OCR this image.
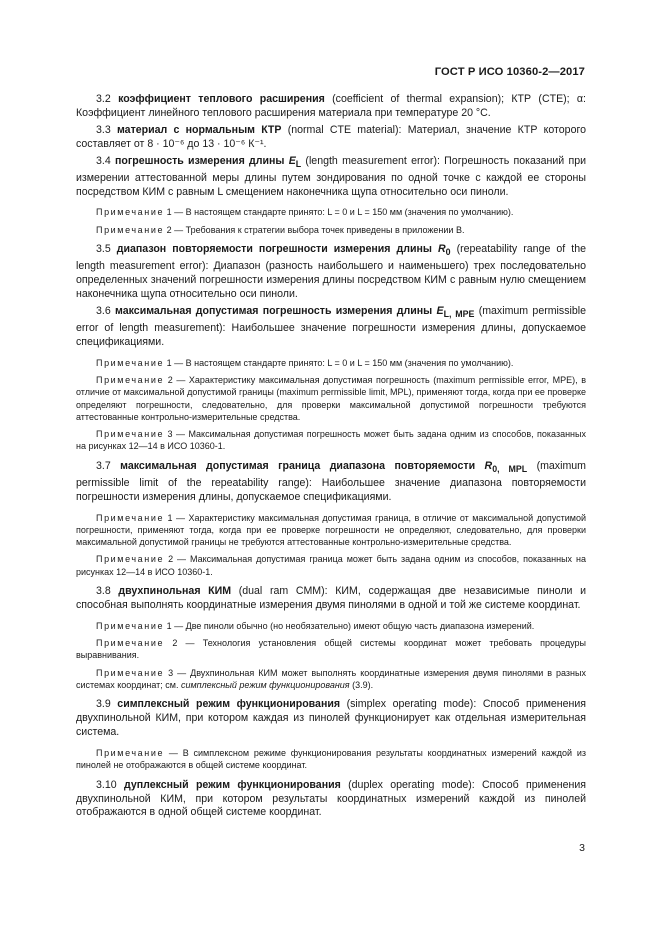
ГОСТ Р ИСО 10360-2—2017

3.2 коэффициент теплового расширения (coefficient of thermal expansion); КТР (CTE); α: Коэффициент линейного теплового расширения материала при температуре 20 °C.

3.3 материал с нормальным КТР (normal CTE material): Материал, значение КТР которого составляет от 8 · 10⁻⁶ до 13 · 10⁻⁶ К⁻¹.

3.4 погрешность измерения длины $E_L$ (length measurement error): Погрешность показаний при измерении аттестованной меры длины путем зондирования по одной точке с каждой ее стороны посредством КИМ с равным L смещением наконечника щупа относительно оси пиноли.

Примечание 1 — В настоящем стандарте принято: L = 0 и L = 150 мм (значения по умолчанию).

Примечание 2 — Требования к стратегии выбора точек приведены в приложении В.

3.5 диапазон повторяемости погрешности измерения длины $R_0$ (repeatability range of the length measurement error): Диапазон (разность наибольшего и наименьшего) трех последовательно определенных значений погрешности измерения длины посредством КИМ с равным нулю смещением наконечника щупа относительно оси пиноли.

3.6 максимальная допустимая погрешность измерения длины $E_{L, MPE}$ (maximum permissible error of length measurement): Наибольшее значение погрешности измерения длины, допускаемое спецификациями.

Примечание 1 — В настоящем стандарте принято: L = 0 и L = 150 мм (значения по умолчанию).

Примечание 2 — Характеристику максимальная допустимая погрешность (maximum permissible error, MPE), в отличие от максимальной допустимой границы (maximum permissible limit, MPL), применяют тогда, когда при ее проверке определяют погрешности, следовательно, для проверки максимальной допустимой погрешности требуются аттестованные контрольно-измерительные средства.

Примечание 3 — Максимальная допустимая погрешность может быть задана одним из способов, показанных на рисунках 12—14 в ИСО 10360-1.

3.7 максимальная допустимая граница диапазона повторяемости $R_{0, MPL}$ (maximum permissible limit of the repeatability range): Наибольшее значение диапазона повторяемости погрешности измерения длины, допускаемое спецификациями.

Примечание 1 — Характеристику максимальная допустимая граница, в отличие от максимальной допустимой погрешности, применяют тогда, когда при ее проверке погрешности не определяют, следовательно, для проверки максимальной допустимой границы не требуются аттестованные контрольно-измерительные средства.

Примечание 2 — Максимальная допустимая граница может быть задана одним из способов, показанных на рисунках 12—14 в ИСО 10360-1.

3.8 двухпинольная КИМ (dual ram CMM): КИМ, содержащая две независимые пиноли и способная выполнять координатные измерения двумя пинолями в одной и той же системе координат.

Примечание 1 — Две пиноли обычно (но необязательно) имеют общую часть диапазона измерений.

Примечание 2 — Технология установления общей системы координат может требовать процедуры выравнивания.

Примечание 3 — Двухпинольная КИМ может выполнять координатные измерения двумя пинолями в разных системах координат; см. симплексный режим функционирования (3.9).

3.9 симплексный режим функционирования (simplex operating mode): Способ применения двухпинольной КИМ, при котором каждая из пинолей функционирует как отдельная измерительная система.

Примечание — В симплексном режиме функционирования результаты координатных измерений каждой из пинолей не отображаются в общей системе координат.

3.10 дуплексный режим функционирования (duplex operating mode): Способ применения двухпинольной КИМ, при котором результаты координатных измерений каждой из пинолей отображаются в одной общей системе координат.

3
